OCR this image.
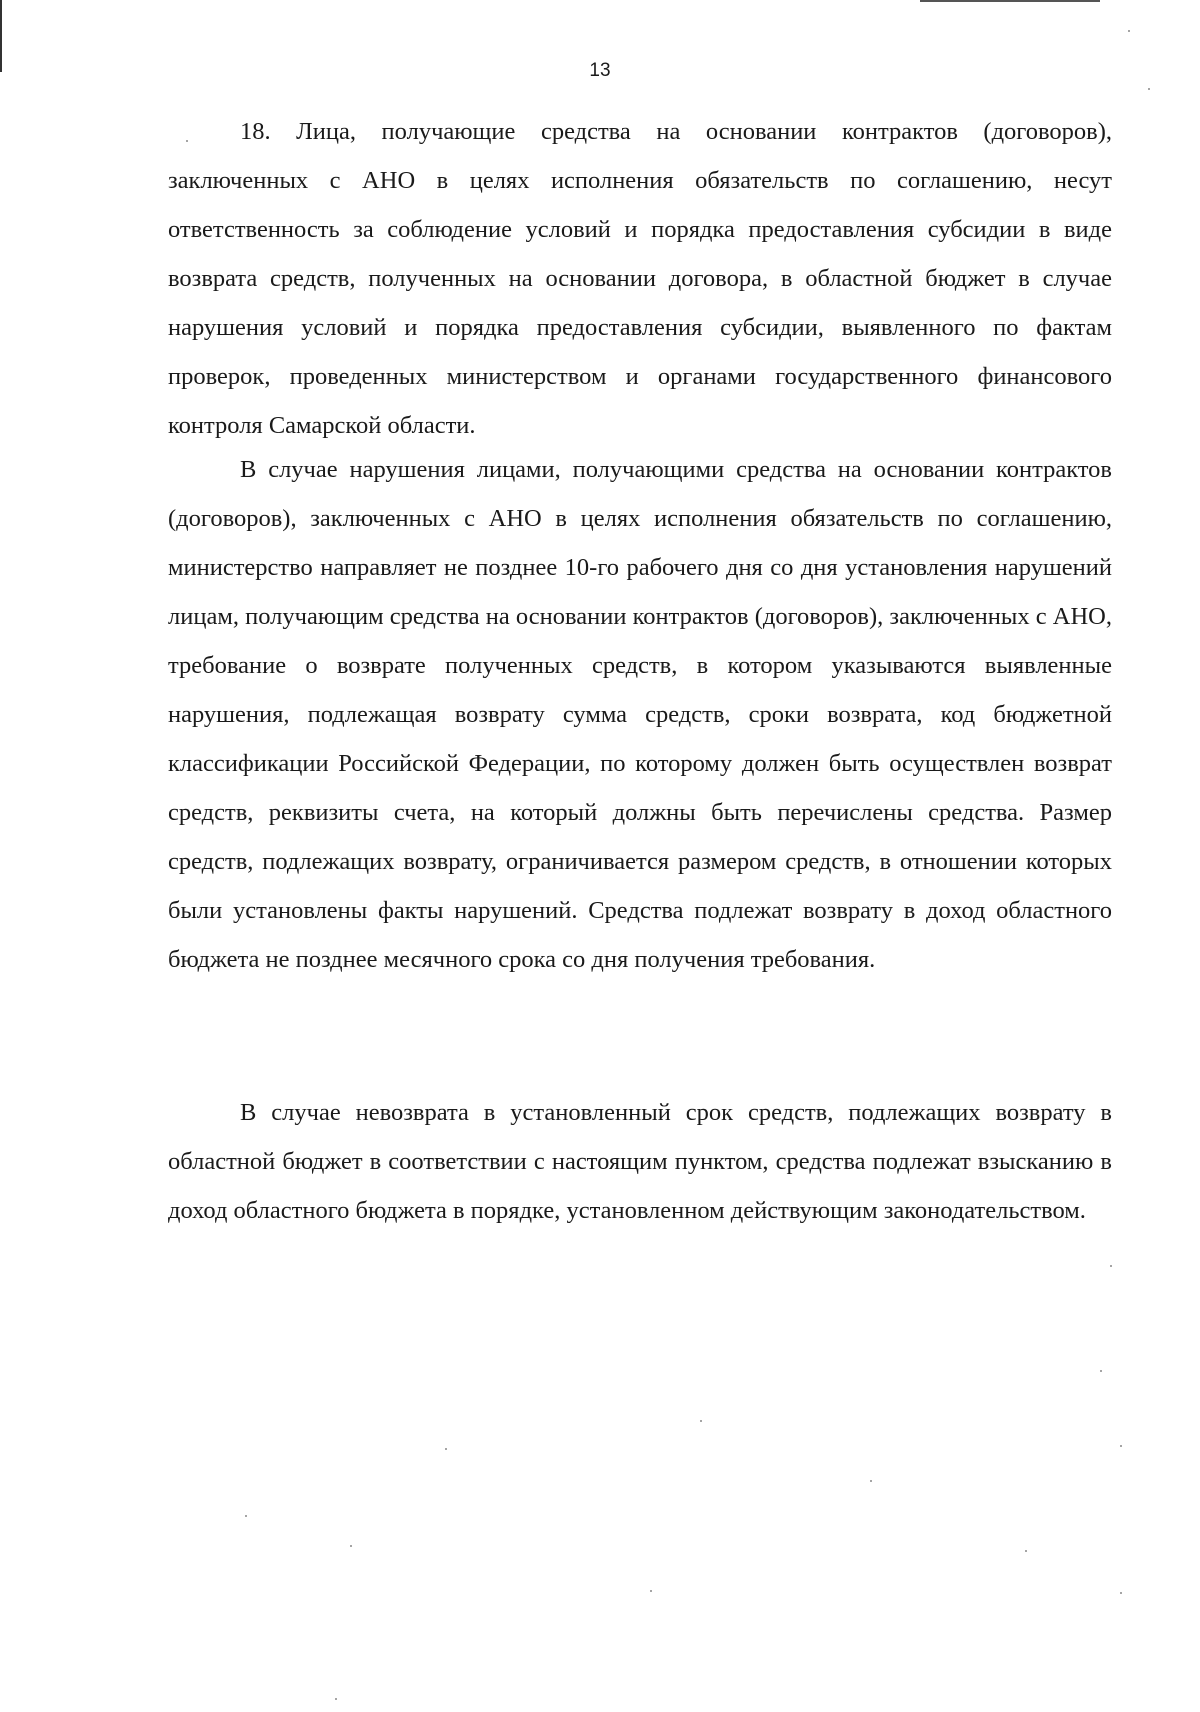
13

18. Лица, получающие средства на основании контрактов (договоров), заключенных с АНО в целях исполнения обязательств по соглашению, несут ответственность за соблюдение условий и порядка предоставления субсидии в виде возврата средств, полученных на основании договора, в областной бюджет в случае нарушения условий и порядка предоставления субсидии, выявленного по фактам проверок, проведенных министерством и органами государственного финансового контроля Самарской области.

В случае нарушения лицами, получающими средства на основании контрактов (договоров), заключенных с АНО в целях исполнения обязательств по соглашению, министерство направляет не позднее 10-го рабочего дня со дня установления нарушений лицам, получающим средства на основании контрактов (договоров), заключенных с АНО, требование о возврате полученных средств, в котором указываются выявленные нарушения, подлежащая возврату сумма средств, сроки возврата, код бюджетной классификации Российской Федерации, по которому должен быть осуществлен возврат средств, реквизиты счета, на который должны быть перечислены средства. Размер средств, подлежащих возврату, ограничивается размером средств, в отношении которых были установлены факты нарушений. Средства подлежат возврату в доход областного бюджета не позднее месячного срока со дня получения требования.

В случае невозврата в установленный срок средств, подлежащих возврату в областной бюджет в соответствии с настоящим пунктом, средства подлежат взысканию в доход областного бюджета в порядке, установленном действующим законодательством.
